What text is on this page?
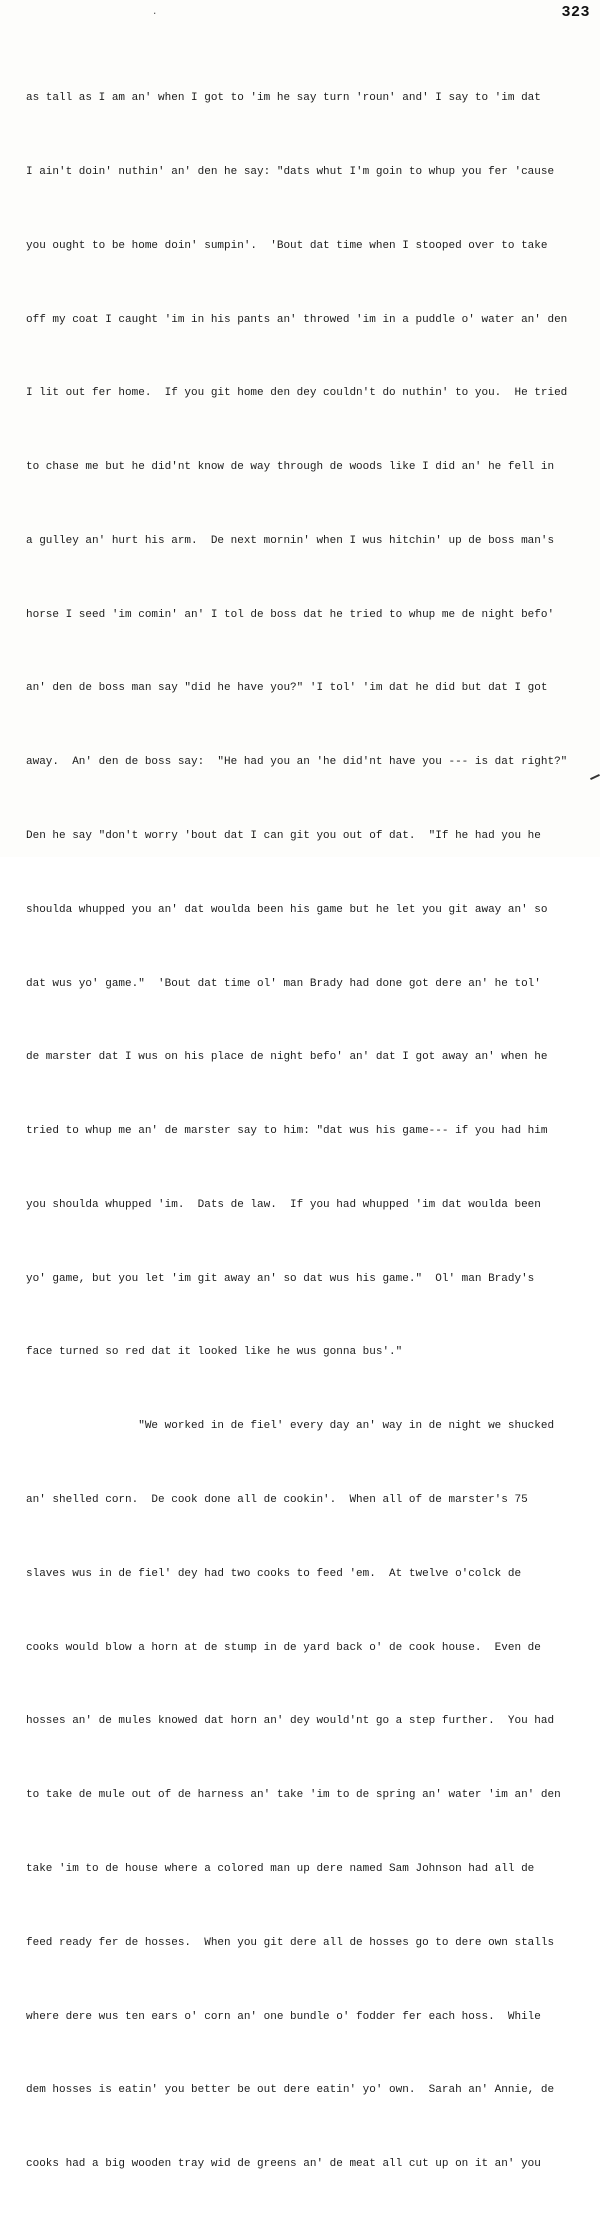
·	323

as tall as I am an' when I got to 'im he say turn 'roun' and' I say to 'im dat

I ain't doin' nuthin' an' den he say: "dats whut I'm goin to whup you fer 'cause

you ought to be home doin' sumpin'.  'Bout dat time when I stooped over to take

off my coat I caught 'im in his pants an' throwed 'im in a puddle o' water an' den

I lit out fer home.  If you git home den dey couldn't do nuthin' to you.  He tried

to chase me but he did'nt know de way through de woods like I did an' he fell in

a gulley an' hurt his arm.  De next mornin' when I wus hitchin' up de boss man's

horse I seed 'im comin' an' I tol de boss dat he tried to whup me de night befo'

an' den de boss man say "did he have you?" 'I tol' 'im dat he did but dat I got

away.  An' den de boss say:  "He had you an 'he did'nt have you --- is dat right?"

Den he say "don't worry 'bout dat I can git you out of dat.  "If he had you he

shoulda whupped you an' dat woulda been his game but he let you git away an' so

dat wus yo' game."  'Bout dat time ol' man Brady had done got dere an' he tol'

de marster dat I wus on his place de night befo' an' dat I got away an' when he

tried to whup me an' de marster say to him: "dat wus his game--- if you had him

you shoulda whupped 'im.  Dats de law.  If you had whupped 'im dat woulda been

yo' game, but you let 'im git away an' so dat wus his game."  Ol' man Brady's

face turned so red dat it looked like he wus gonna bus'."

"We worked in de fiel' every day an' way in de night we shucked

an' shelled corn.  De cook done all de cookin'.  When all of de marster's 75

slaves wus in de fiel' dey had two cooks to feed 'em.  At twelve o'colck de

cooks would blow a horn at de stump in de yard back o' de cook house.  Even de

hosses an' de mules knowed dat horn an' dey would'nt go a step further.  You had

to take de mule out of de harness an' take 'im to de spring an' water 'im an' den

take 'im to de house where a colored man up dere named Sam Johnson had all de

feed ready fer de hosses.  When you git dere all de hosses go to dere own stalls

where dere wus ten ears o' corn an' one bundle o' fodder fer each hoss.  While

dem hosses is eatin' you better be out dere eatin' yo' own.  Sarah an' Annie, de

cooks had a big wooden tray wid de greens an' de meat all cut up on it an' you
